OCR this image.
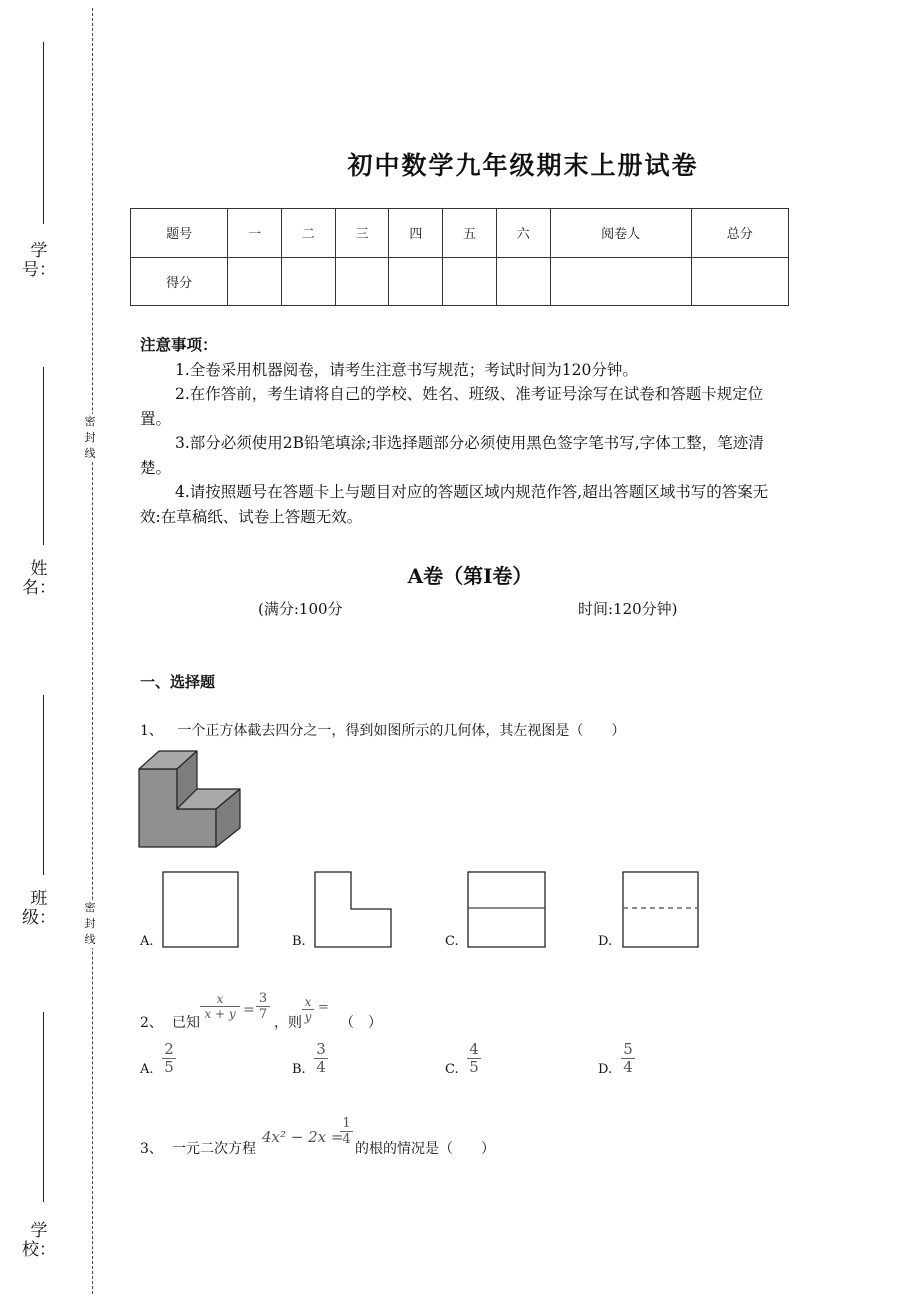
学号：
姓名：
班级：
学校：
密
封
线
密
封
线
初中数学九年级期末上册试卷
题号	一	二	三	四	五	六	阅卷人	总分
得分								

注意事项：

1.全卷采用机器阅卷，请考生注意书写规范；考试时间为120分钟。

2.在作答前，考生请将自己的学校、姓名、班级、准考证号涂写在试卷和答题卡规定位置。

3.部分必须使用2B铅笔填涂;非选择题部分必须使用黑色签字笔书写,字体工整，笔迹清楚。

4.请按照题号在答题卡上与题目对应的答题区域内规范作答,超出答题区域书写的答案无效:在草稿纸、试卷上答题无效。

A卷（第I卷）
(满分:100分	时间:120分钟)
一、选择题
1、 一个正方体截去四分之一，得到如图所示的几何体，其左视图是（　　）
A.	B.	C.	D.
2、 已知
x
x + y =
3
7
，则
x
y
=
（　）
A.
2
5	B.
3
4	C.
4
5	D.
5
4
3、 一元二次方程
4x² − 2x =
1
4
的根的情况是（　　）
